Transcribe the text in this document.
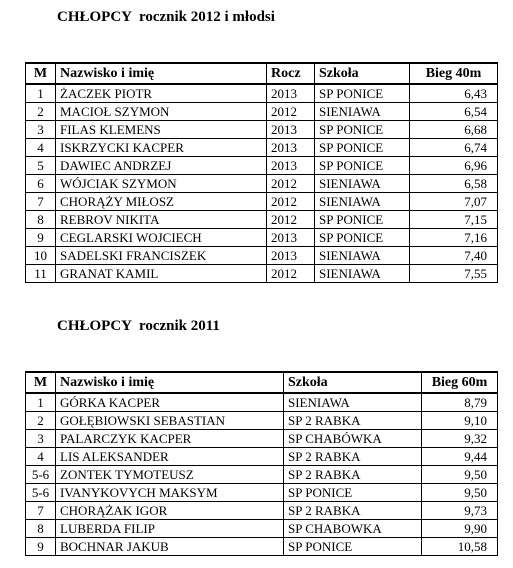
CHŁOPCY  rocznik 2012 i młodsi
M	Nazwisko i imię	Rocz	Szkoła	Bieg 40m
1	ŻACZEK PIOTR	2013	SP PONICE	6,43
2	MACIOŁ SZYMON	2012	SIENIAWA	6,54
3	FILAS KLEMENS	2013	SP PONICE	6,68
4	ISKRZYCKI KACPER	2013	SP PONICE	6,74
5	DAWIEC ANDRZEJ	2013	SP PONICE	6,96
6	WÓJCIAK SZYMON	2012	SIENIAWA	6,58
7	CHORĄŻY MIŁOSZ	2012	SIENIAWA	7,07
8	REBROV NIKITA	2012	SP PONICE	7,15
9	CEGLARSKI WOJCIECH	2013	SP PONICE	7,16
10	SADELSKI FRANCISZEK	2013	SIENIAWA	7,40
11	GRANAT KAMIL	2012	SIENIAWA	7,55
CHŁOPCY  rocznik 2011
M	Nazwisko i imię	Szkoła	Bieg 60m
1	GÓRKA KACPER	SIENIAWA	8,79
2	GOŁĘBIOWSKI SEBASTIAN	SP 2 RABKA	9,10
3	PALARCZYK KACPER	SP CHABÓWKA	9,32
4	LIS ALEKSANDER	SP 2 RABKA	9,44
5-6	ZONTEK TYMOTEUSZ	SP 2 RABKA	9,50
5-6	IVANYKOVYCH MAKSYM	SP PONICE	9,50
7	CHORĄŻAK IGOR	SP 2 RABKA	9,73
8	LUBERDA FILIP	SP CHABOWKA	9,90
9	BOCHNAR JAKUB	SP PONICE	10,58
